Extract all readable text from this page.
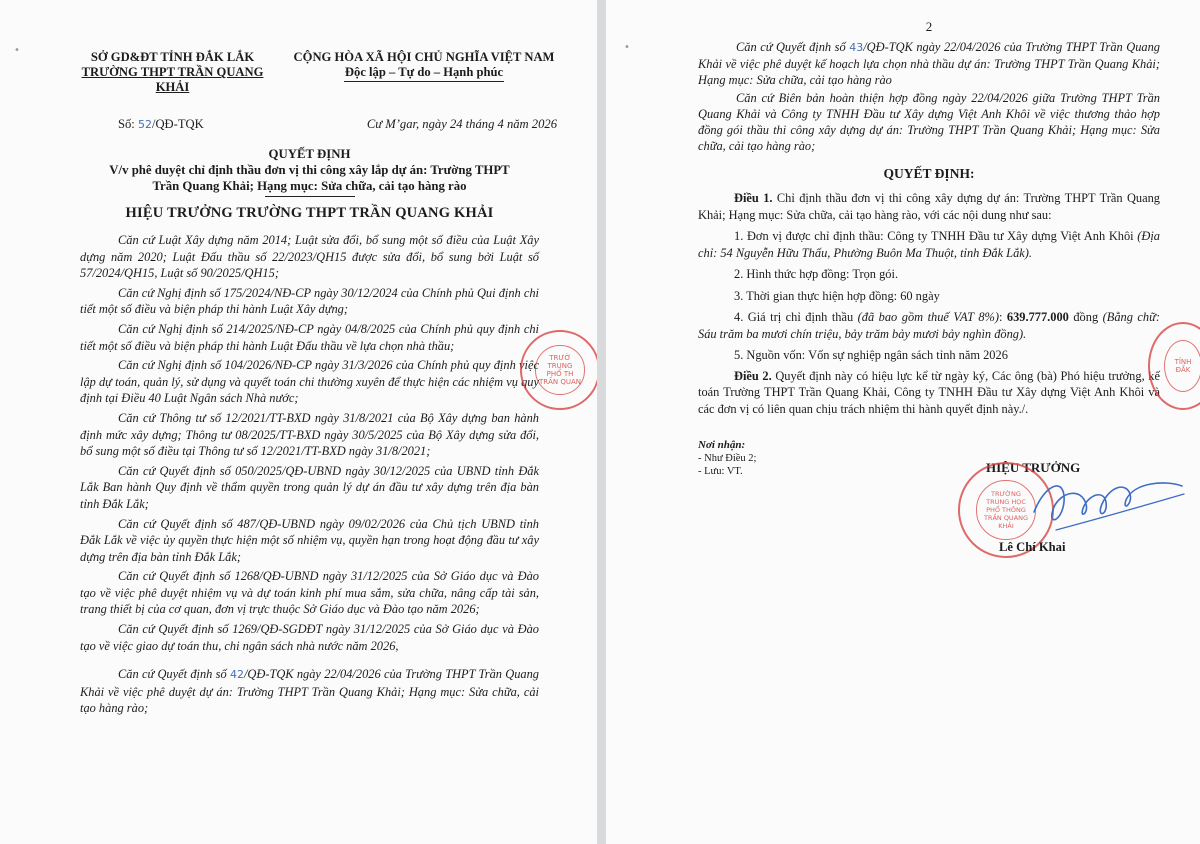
•	SỞ GD&ĐT TỈNH ĐẮK LẮK
TRƯỜNG THPT TRẦN QUANG KHẢI
CỘNG HÒA XÃ HỘI CHỦ NGHĨA VIỆT NAM
Độc lập – Tự do – Hạnh phúc
Số: 52/QĐ-TQK	Cư M’gar, ngày 24 tháng 4 năm 2026
QUYẾT ĐỊNH
V/v phê duyệt chỉ định thầu đơn vị thi công xây lắp dự án: Trường THPT
Trần Quang Khải; Hạng mục: Sửa chữa, cải tạo hàng rào
HIỆU TRƯỞNG TRƯỜNG THPT TRẦN QUANG KHẢI

Căn cứ Luật Xây dựng năm 2014; Luật sửa đổi, bổ sung một số điều của Luật Xây dựng năm 2020; Luật Đấu thầu số 22/2023/QH15 được sửa đổi, bổ sung bởi Luật số 57/2024/QH15, Luật số 90/2025/QH15;

Căn cứ Nghị định số 175/2024/NĐ-CP ngày 30/12/2024 của Chính phủ Qui định chi tiết một số điều và biện pháp thi hành Luật Xây dựng;

Căn cứ Nghị định số 214/2025/NĐ-CP ngày 04/8/2025 của Chính phủ quy định chi tiết một số điều và biện pháp thi hành Luật Đấu thầu về lựa chọn nhà thầu;

Căn cứ Nghị định số 104/2026/NĐ-CP ngày 31/3/2026 của Chính phủ quy định việc lập dự toán, quản lý, sử dụng và quyết toán chi thường xuyên để thực hiện các nhiệm vụ quy định tại Điều 40 Luật Ngân sách Nhà nước;

Căn cứ Thông tư số 12/2021/TT-BXD ngày 31/8/2021 của Bộ Xây dựng ban hành định mức xây dựng; Thông tư 08/2025/TT-BXD ngày 30/5/2025 của Bộ Xây dựng sửa đổi, bổ sung một số điều tại Thông tư số 12/2021/TT-BXD ngày 31/8/2021;

Căn cứ Quyết định số 050/2025/QĐ-UBND ngày 30/12/2025 của UBND tỉnh Đắk Lắk Ban hành Quy định về thẩm quyền trong quản lý dự án đầu tư xây dựng trên địa bàn tỉnh Đắk Lắk;

Căn cứ Quyết định số 487/QĐ-UBND ngày 09/02/2026 của Chủ tịch UBND tỉnh Đắk Lắk về việc ủy quyền thực hiện một số nhiệm vụ, quyền hạn trong hoạt động đầu tư xây dựng trên địa bàn tỉnh Đắk Lắk;

Căn cứ Quyết định số 1268/QĐ-UBND ngày 31/12/2025 của Sở Giáo dục và Đào tạo về việc phê duyệt nhiệm vụ và dự toán kinh phí mua sắm, sửa chữa, nâng cấp tài sản, trang thiết bị của cơ quan, đơn vị trực thuộc Sở Giáo dục và Đào tạo năm 2026;

Căn cứ Quyết định số 1269/QĐ-SGDĐT ngày 31/12/2025 của Sở Giáo dục và Đào tạo về việc giao dự toán thu, chi ngân sách nhà nước năm 2026,

Căn cứ Quyết định số 42/QĐ-TQK ngày 22/04/2026 của Trường THPT Trần Quang Khải về việc phê duyệt dự án: Trường THPT Trần Quang Khải; Hạng mục: Sửa chữa, cải tạo hàng rào;

TRƯỜ
TRUNG
PHỔ TH
TRẦN QUAN
•
2

Căn cứ Quyết định số 43/QĐ-TQK ngày 22/04/2026 của Trường THPT Trần Quang Khải về việc phê duyệt kế hoạch lựa chọn nhà thầu dự án: Trường THPT Trần Quang Khải; Hạng mục: Sửa chữa, cải tạo hàng rào

Căn cứ Biên bản hoàn thiện hợp đồng ngày 22/04/2026 giữa Trường THPT Trần Quang Khải và Công ty TNHH Đầu tư Xây dựng Việt Anh Khôi về việc thương thảo hợp đồng gói thầu thi công xây dựng dự án: Trường THPT Trần Quang Khải; Hạng mục: Sửa chữa, cải tạo hàng rào;

QUYẾT ĐỊNH:

Điều 1. Chỉ định thầu đơn vị thi công xây dựng dự án: Trường THPT Trần Quang Khải; Hạng mục: Sửa chữa, cải tạo hàng rào, với các nội dung như sau:

1. Đơn vị được chỉ định thầu: Công ty TNHH Đầu tư Xây dựng Việt Anh Khôi (Địa chỉ: 54 Nguyễn Hữu Thấu, Phường Buôn Ma Thuột, tỉnh Đắk Lắk).

2. Hình thức hợp đồng: Trọn gói.

3. Thời gian thực hiện hợp đồng: 60 ngày

4. Giá trị chỉ định thầu (đã bao gồm thuế VAT 8%): 639.777.000 đồng (Bằng chữ: Sáu trăm ba mươi chín triệu, bảy trăm bảy mươi bảy nghìn đồng).

5. Nguồn vốn: Vốn sự nghiệp ngân sách tỉnh năm 2026

Điều 2. Quyết định này có hiệu lực kể từ ngày ký, Các ông (bà) Phó hiệu trưởng, kế toán Trường THPT Trần Quang Khải, Công ty TNHH Đầu tư Xây dựng Việt Anh Khôi và các đơn vị có liên quan chịu trách nhiệm thi hành quyết định này./.

Nơi nhận:
- Như Điều 2;
- Lưu: VT.	HIỆU TRƯỞNG
TRƯỜNG
TRUNG HỌC
PHỔ THÔNG
TRẦN QUANG KHẢI
Lê Chí Khai
TỈNH
ĐẮK
